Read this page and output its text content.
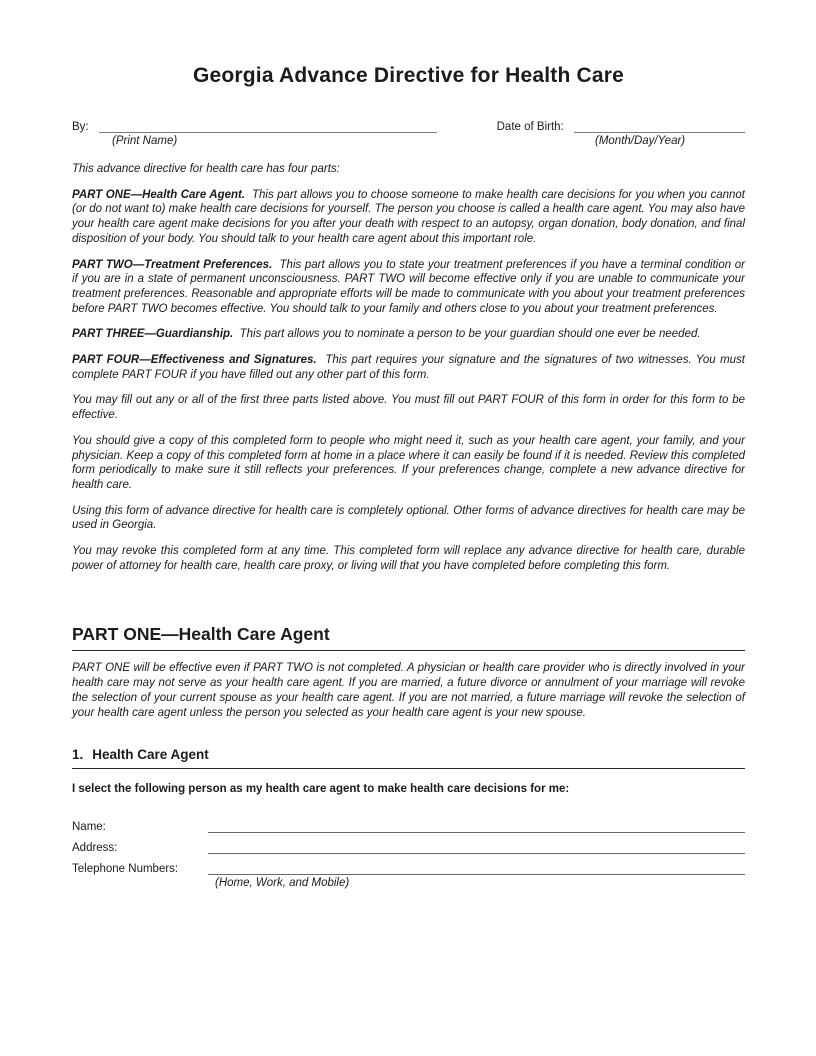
Georgia Advance Directive for Health Care
By:	Date of Birth:
(Print Name)	(Month/Day/Year)

This advance directive for health care has four parts:

PART ONE—Health Care Agent. This part allows you to choose someone to make health care decisions for you when you cannot (or do not want to) make health care decisions for yourself. The person you choose is called a health care agent. You may also have your health care agent make decisions for you after your death with respect to an autopsy, organ donation, body donation, and final disposition of your body. You should talk to your health care agent about this important role.

PART TWO—Treatment Preferences. This part allows you to state your treatment preferences if you have a terminal condition or if you are in a state of permanent unconsciousness. PART TWO will become effective only if you are unable to communicate your treatment preferences. Reasonable and appropriate efforts will be made to communicate with you about your treatment preferences before PART TWO becomes effective. You should talk to your family and others close to you about your treatment preferences.

PART THREE—Guardianship. This part allows you to nominate a person to be your guardian should one ever be needed.

PART FOUR—Effectiveness and Signatures. This part requires your signature and the signatures of two witnesses. You must complete PART FOUR if you have filled out any other part of this form.

You may fill out any or all of the first three parts listed above. You must fill out PART FOUR of this form in order for this form to be effective.

You should give a copy of this completed form to people who might need it, such as your health care agent, your family, and your physician. Keep a copy of this completed form at home in a place where it can easily be found if it is needed. Review this completed form periodically to make sure it still reflects your preferences. If your preferences change, complete a new advance directive for health care.

Using this form of advance directive for health care is completely optional. Other forms of advance directives for health care may be used in Georgia.

You may revoke this completed form at any time. This completed form will replace any advance directive for health care, durable power of attorney for health care, health care proxy, or living will that you have completed before completing this form.

PART ONE—Health Care Agent

PART ONE will be effective even if PART TWO is not completed. A physician or health care provider who is directly involved in your health care may not serve as your health care agent. If you are married, a future divorce or annulment of your marriage will revoke the selection of your current spouse as your health care agent. If you are not married, a future marriage will revoke the selection of your health care agent unless the person you selected as your health care agent is your new spouse.

1. Health Care Agent

I select the following person as my health care agent to make health care decisions for me:

Name:
Address:
Telephone Numbers:
(Home, Work, and Mobile)
